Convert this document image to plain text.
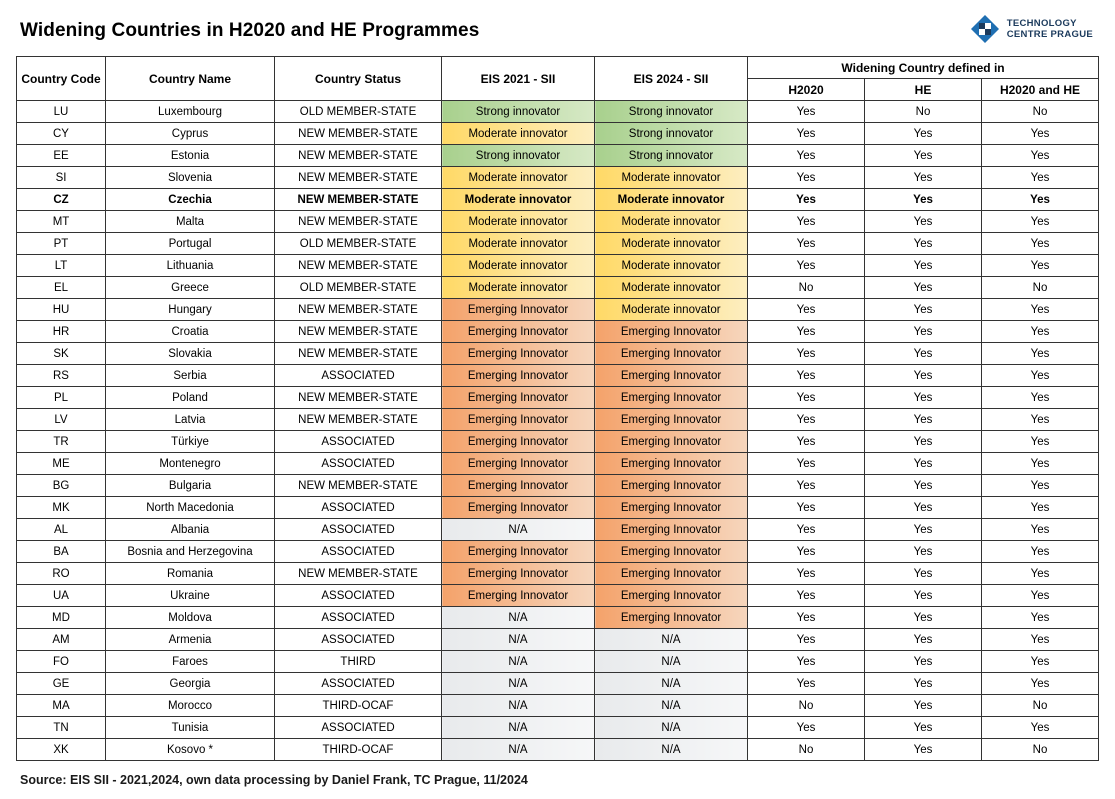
Widening Countries in H2020 and HE Programmes	TECHNOLOGY
CENTRE PRAGUE
Country Code	Country Name	Country Status	EIS 2021 - SII	EIS 2024 - SII	Widening Country defined in		
					H2020	HE	H2020 and HE
LU	Luxembourg	OLD MEMBER-STATE	Strong innovator	Strong innovator	Yes	No	No
CY	Cyprus	NEW MEMBER-STATE	Moderate innovator	Strong innovator	Yes	Yes	Yes
EE	Estonia	NEW MEMBER-STATE	Strong innovator	Strong innovator	Yes	Yes	Yes
SI	Slovenia	NEW MEMBER-STATE	Moderate innovator	Moderate innovator	Yes	Yes	Yes
CZ	Czechia	NEW MEMBER-STATE	Moderate innovator	Moderate innovator	Yes	Yes	Yes
MT	Malta	NEW MEMBER-STATE	Moderate innovator	Moderate innovator	Yes	Yes	Yes
PT	Portugal	OLD MEMBER-STATE	Moderate innovator	Moderate innovator	Yes	Yes	Yes
LT	Lithuania	NEW MEMBER-STATE	Moderate innovator	Moderate innovator	Yes	Yes	Yes
EL	Greece	OLD MEMBER-STATE	Moderate innovator	Moderate innovator	No	Yes	No
HU	Hungary	NEW MEMBER-STATE	Emerging Innovator	Moderate innovator	Yes	Yes	Yes
HR	Croatia	NEW MEMBER-STATE	Emerging Innovator	Emerging Innovator	Yes	Yes	Yes
SK	Slovakia	NEW MEMBER-STATE	Emerging Innovator	Emerging Innovator	Yes	Yes	Yes
RS	Serbia	ASSOCIATED	Emerging Innovator	Emerging Innovator	Yes	Yes	Yes
PL	Poland	NEW MEMBER-STATE	Emerging Innovator	Emerging Innovator	Yes	Yes	Yes
LV	Latvia	NEW MEMBER-STATE	Emerging Innovator	Emerging Innovator	Yes	Yes	Yes
TR	Türkiye	ASSOCIATED	Emerging Innovator	Emerging Innovator	Yes	Yes	Yes
ME	Montenegro	ASSOCIATED	Emerging Innovator	Emerging Innovator	Yes	Yes	Yes
BG	Bulgaria	NEW MEMBER-STATE	Emerging Innovator	Emerging Innovator	Yes	Yes	Yes
MK	North Macedonia	ASSOCIATED	Emerging Innovator	Emerging Innovator	Yes	Yes	Yes
AL	Albania	ASSOCIATED	N/A	Emerging Innovator	Yes	Yes	Yes
BA	Bosnia and Herzegovina	ASSOCIATED	Emerging Innovator	Emerging Innovator	Yes	Yes	Yes
RO	Romania	NEW MEMBER-STATE	Emerging Innovator	Emerging Innovator	Yes	Yes	Yes
UA	Ukraine	ASSOCIATED	Emerging Innovator	Emerging Innovator	Yes	Yes	Yes
MD	Moldova	ASSOCIATED	N/A	Emerging Innovator	Yes	Yes	Yes
AM	Armenia	ASSOCIATED	N/A	N/A	Yes	Yes	Yes
FO	Faroes	THIRD	N/A	N/A	Yes	Yes	Yes
GE	Georgia	ASSOCIATED	N/A	N/A	Yes	Yes	Yes
MA	Morocco	THIRD-OCAF	N/A	N/A	No	Yes	No
TN	Tunisia	ASSOCIATED	N/A	N/A	Yes	Yes	Yes
XK	Kosovo *	THIRD-OCAF	N/A	N/A	No	Yes	No
Source: EIS SII - 2021,2024, own data processing by Daniel Frank, TC Prague, 11/2024
